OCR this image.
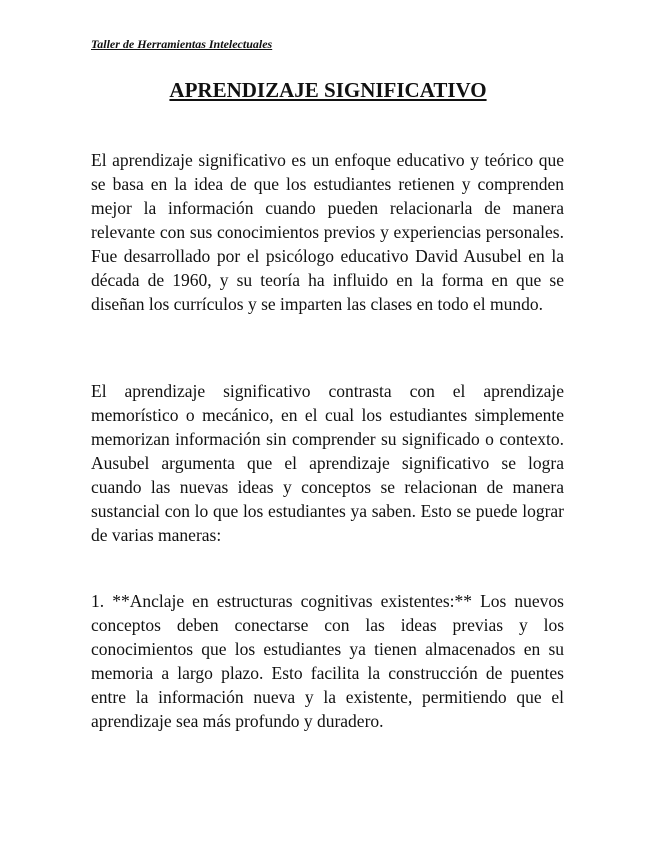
Taller de Herramientas Intelectuales
APRENDIZAJE SIGNIFICATIVO

El aprendizaje significativo es un enfoque educativo y teórico que se basa en la idea de que los estudiantes retienen y comprenden mejor la información cuando pueden relacionarla de manera relevante con sus conocimientos previos y experiencias personales. Fue desarrollado por el psicólogo educativo David Ausubel en la década de 1960, y su teoría ha influido en la forma en que se diseñan los currículos y se imparten las clases en todo el mundo.

El aprendizaje significativo contrasta con el aprendizaje memorístico o mecánico, en el cual los estudiantes simplemente memorizan información sin comprender su significado o contexto. Ausubel argumenta que el aprendizaje significativo se logra cuando las nuevas ideas y conceptos se relacionan de manera sustancial con lo que los estudiantes ya saben. Esto se puede lograr de varias maneras:

1. **Anclaje en estructuras cognitivas existentes:** Los nuevos conceptos deben conectarse con las ideas previas y los conocimientos que los estudiantes ya tienen almacenados en su memoria a largo plazo. Esto facilita la construcción de puentes entre la información nueva y la existente, permitiendo que el aprendizaje sea más profundo y duradero.
